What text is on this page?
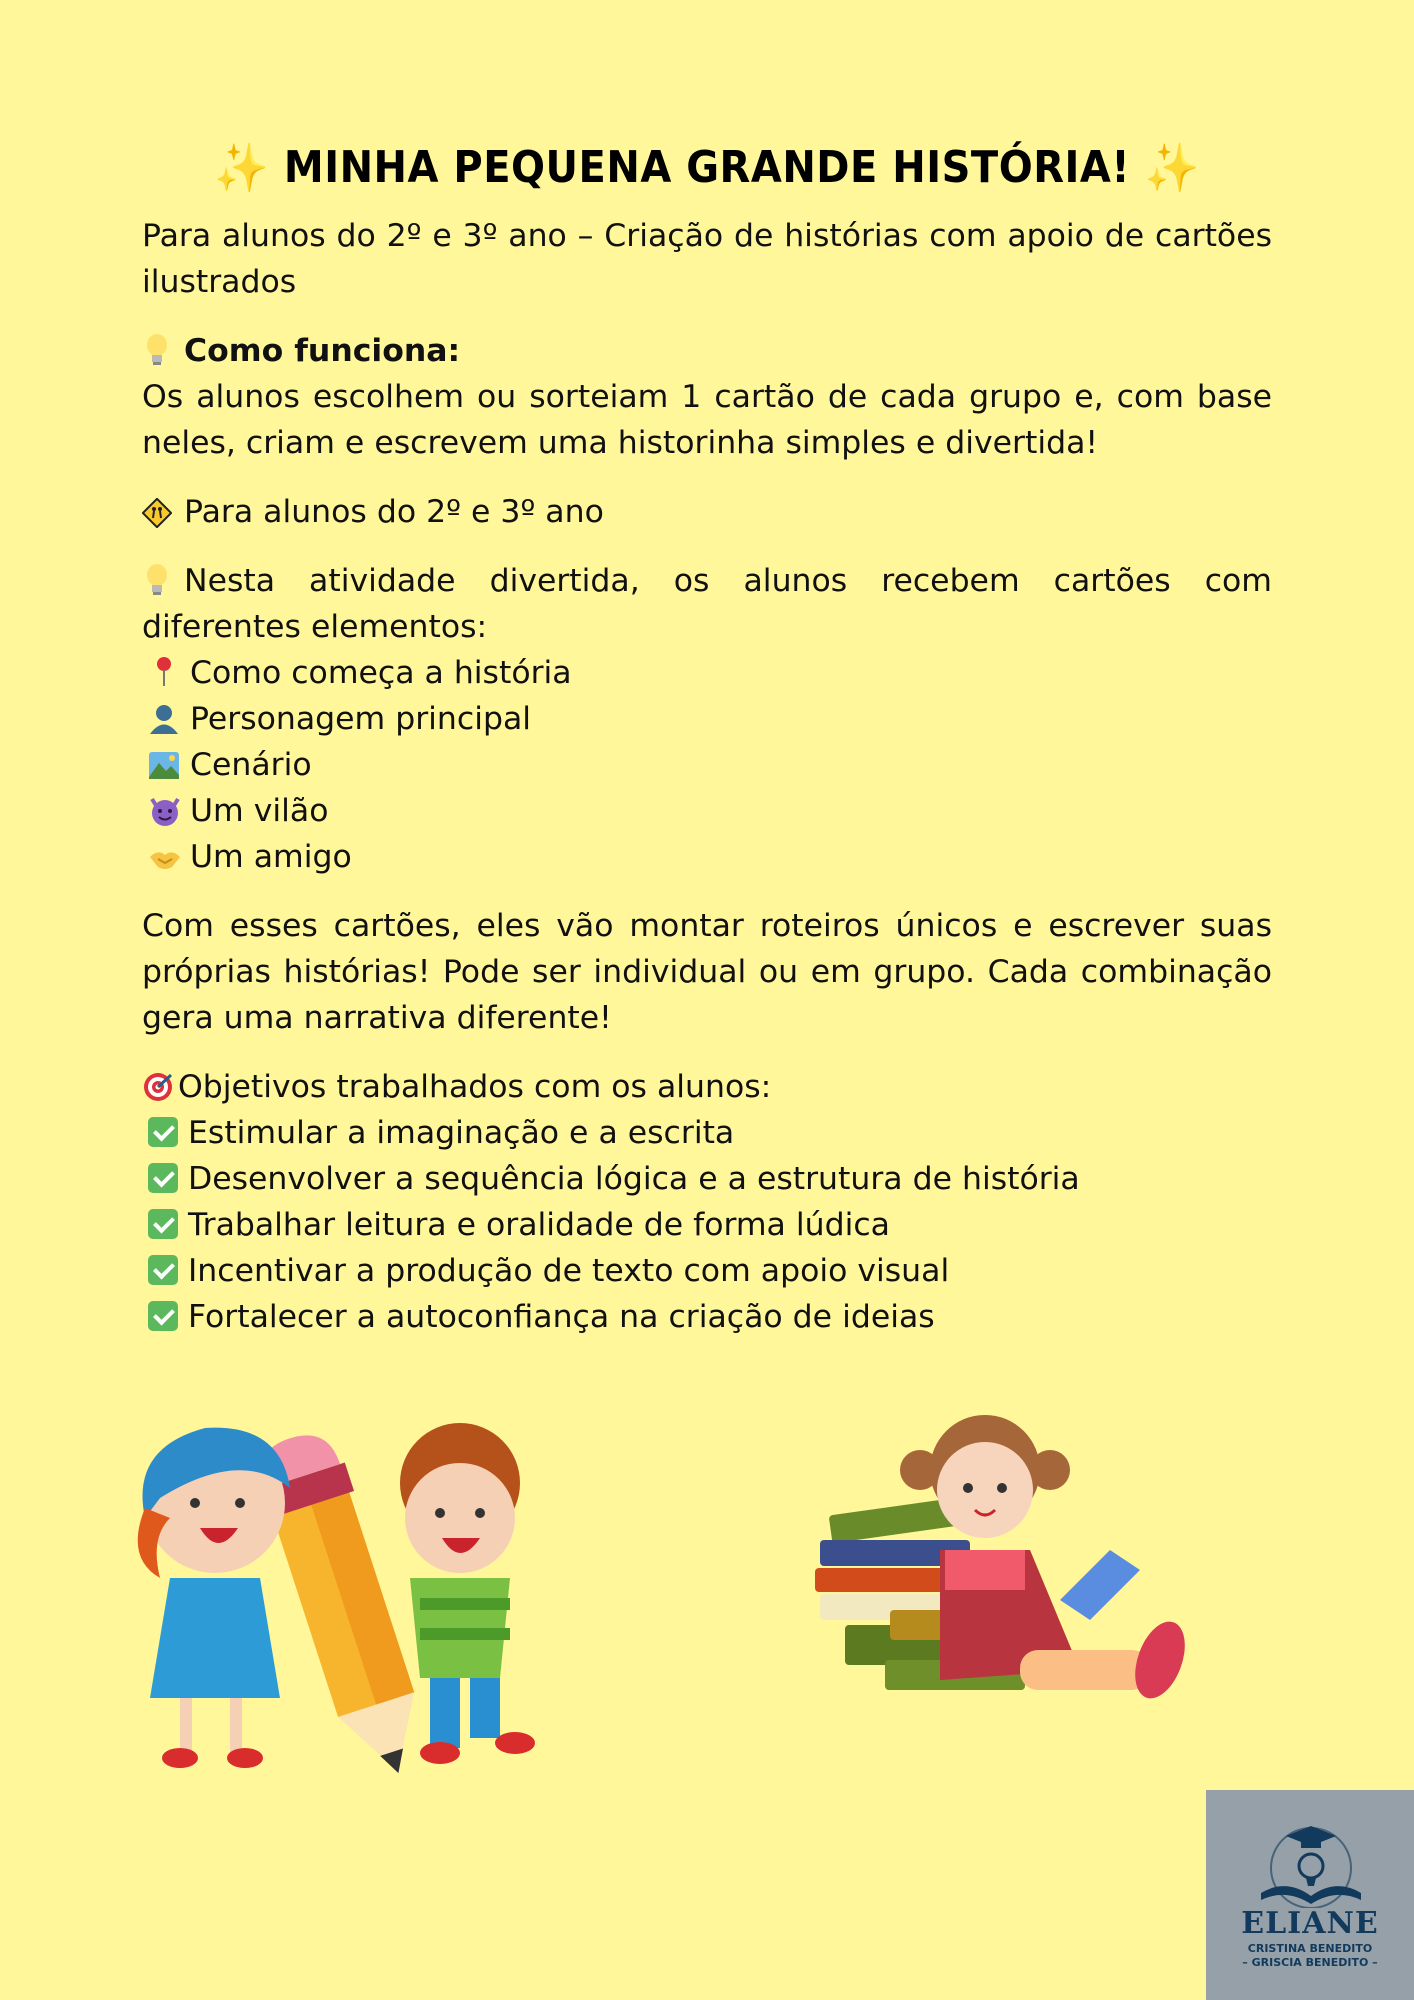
✨ MINHA PEQUENA GRANDE HISTÓRIA! ✨

Para alunos do 2º e 3º ano – Criação de histórias com apoio de cartões ilustrados

Como funciona:
Os alunos escolhem ou sorteiam 1 cartão de cada grupo e, com base neles, criam e escrevem uma historinha simples e divertida!

Para alunos do 2º e 3º ano

Nesta atividade divertida, os alunos recebem cartões com diferentes elementos:

Como começa a história
Personagem principal
Cenário
Um vilão
Um amigo

Com esses cartões, eles vão montar roteiros únicos e escrever suas próprias histórias! Pode ser individual ou em grupo. Cada combinação gera uma narrativa diferente!

Objetivos trabalhados com os alunos:
Estimular a imaginação e a escrita
Desenvolver a sequência lógica e a estrutura de história
Trabalhar leitura e oralidade de forma lúdica
Incentivar a produção de texto com apoio visual
Fortalecer a autoconfiança na criação de ideias
ELIANE
CRISTINA BENEDITO
– GRISCIA BENEDITO –
